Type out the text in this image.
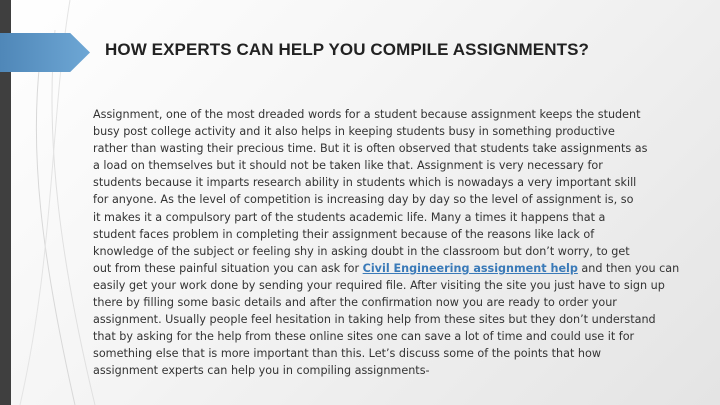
HOW EXPERTS CAN HELP YOU COMPILE ASSIGNMENTS?
Assignment, one of the most dreaded words for a student because assignment keeps the student
busy post college activity and it also helps in keeping students busy in something productive
rather than wasting their precious time. But it is often observed that students take assignments as
a load on themselves but it should not be taken like that. Assignment is very necessary for
students because it imparts research ability in students which is nowadays a very important skill
for anyone. As the level of competition is increasing day by day so the level of assignment is, so
it makes it a compulsory part of the students academic life. Many a times it happens that a
student faces problem in completing their assignment because of the reasons like lack of
knowledge of the subject or feeling shy in asking doubt in the classroom but don’t worry, to get
out from these painful situation you can ask for Civil Engineering assignment help and then you can
easily get your work done by sending your required file. After visiting the site you just have to sign up
there by filling some basic details and after the confirmation now you are ready to order your
assignment. Usually people feel hesitation in taking help from these sites but they don’t understand
that by asking for the help from these online sites one can save a lot of time and could use it for
something else that is more important than this. Let’s discuss some of the points that how
assignment experts can help you in compiling assignments-
